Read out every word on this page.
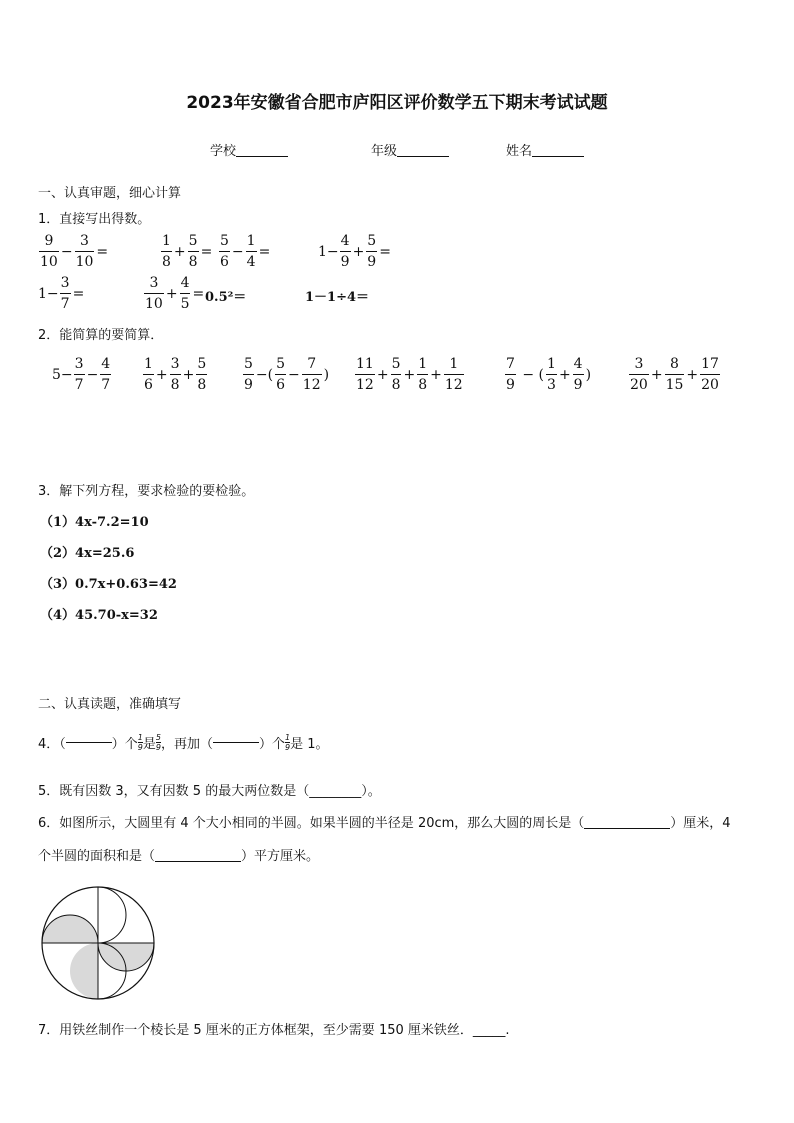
2023年安徽省合肥市庐阳区评价数学五下期末考试试题
学校	年级	姓名
一、认真审题，细心计算
1．直接写出得数。
$\frac{9}{10} - \frac{3}{10}$ =	$\frac{1}{8} + \frac{5}{8} = \frac{5}{6} - \frac{1}{4}$ =	$1- \frac{4}{9} + \frac{5}{9}$ =
$1- \frac{3}{7}$ =	$\frac{3}{10} + \frac{4}{5} = 0.5^2=$	1－1÷4＝
2．能简算的要简算．
$5- \frac{3}{7} - \frac{4}{7} \frac{1}{6} + \frac{3}{8} + \frac{5}{8}$	$\frac{5}{9}$ −( $\frac{5}{6} - \frac{7}{12}$ ) $\frac{11}{12} + \frac{5}{8} + \frac{1}{8} + \frac{1}{12}$	$\frac{7}{9}$ − ( $\frac{1}{3} + \frac{4}{9}$ )	$\frac{3}{20} + \frac{8}{15} + \frac{17}{20}$
3．解下列方程，要求检验的要检验。
（1）4x-7.2=10
（2）4x=25.6
（3）0.7x+0.63=42
（4）45.70-x=32
二、认真读题，准确填写
4．（	）个 $\frac{1}{9}$ 是 $\frac{5}{9}$ ，再加（	）个 $\frac{1}{9}$ 是 1。
5．既有因数 3，又有因数 5 的最大两位数是（________）。
6．如图所示，大圆里有 4 个大小相同的半圆。如果半圆的半径是 20cm，那么大圆的周长是（	）厘米，4
个半圆的面积和是（	）平方厘米。
7．用铁丝制作一个棱长是 5 厘米的正方体框架，至少需要 150 厘米铁丝．_____.
